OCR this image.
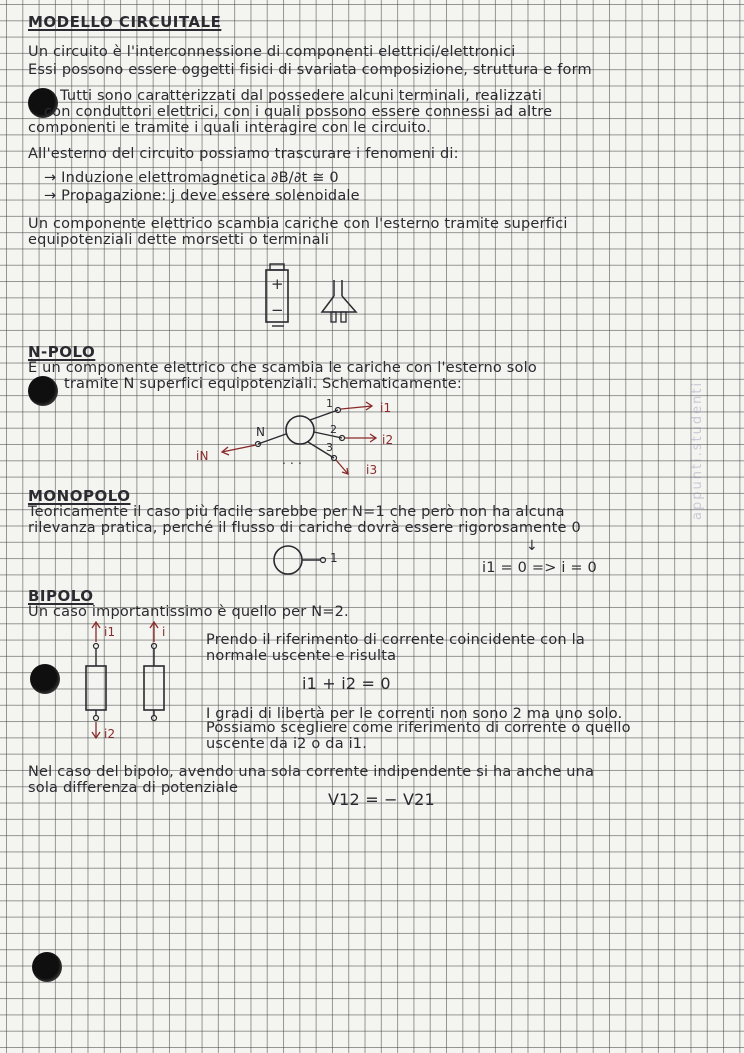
appunti.studenti
MODELLO CIRCUITALE
Un circuito è l'interconnessione di componenti elettrici/elettronici
Essi possono essere oggetti fisici di svariata composizione, struttura e form
Tutti sono caratterizzati dal possedere alcuni terminali, realizzati
con conduttori elettrici, con i quali possono essere connessi ad altre
componenti e tramite i quali interagire con le circuito.
All'esterno del circuito possiamo trascurare i fenomeni di:
→ Induzione elettromagnetica ∂B/∂t ≅ 0
→ Propagazione: j deve essere solenoidale
Un componente elettrico scambia cariche con l'esterno tramite superfici
equipotenziali dette morsetti o terminali
+
−
N-POLO
È un componente elettrico che scambia le cariche con l'esterno solo
tramite N superfici equipotenziali. Schematicamente:
N
iN
1
2
3
i1
i2
i3
. . .
MONOPOLO
Teoricamente il caso più facile sarebbe per N=1 che però non ha alcuna
rilevanza pratica, perché il flusso di cariche dovrà essere rigorosamente 0
1
↓
i1 = 0 => i = 0
BIPOLO
Un caso importantissimo è quello per N=2.
i1	i
i2
Prendo il riferimento di corrente coincidente con la
normale uscente e risulta
i1 + i2 = 0
I gradi di libertà per le correnti non sono 2 ma uno solo.
Possiamo scegliere come riferimento di corrente o quello
uscente da i2 o da i1.
Nel caso del bipolo, avendo una sola corrente indipendente si ha anche una
sola differenza di potenziale
V12 = − V21
